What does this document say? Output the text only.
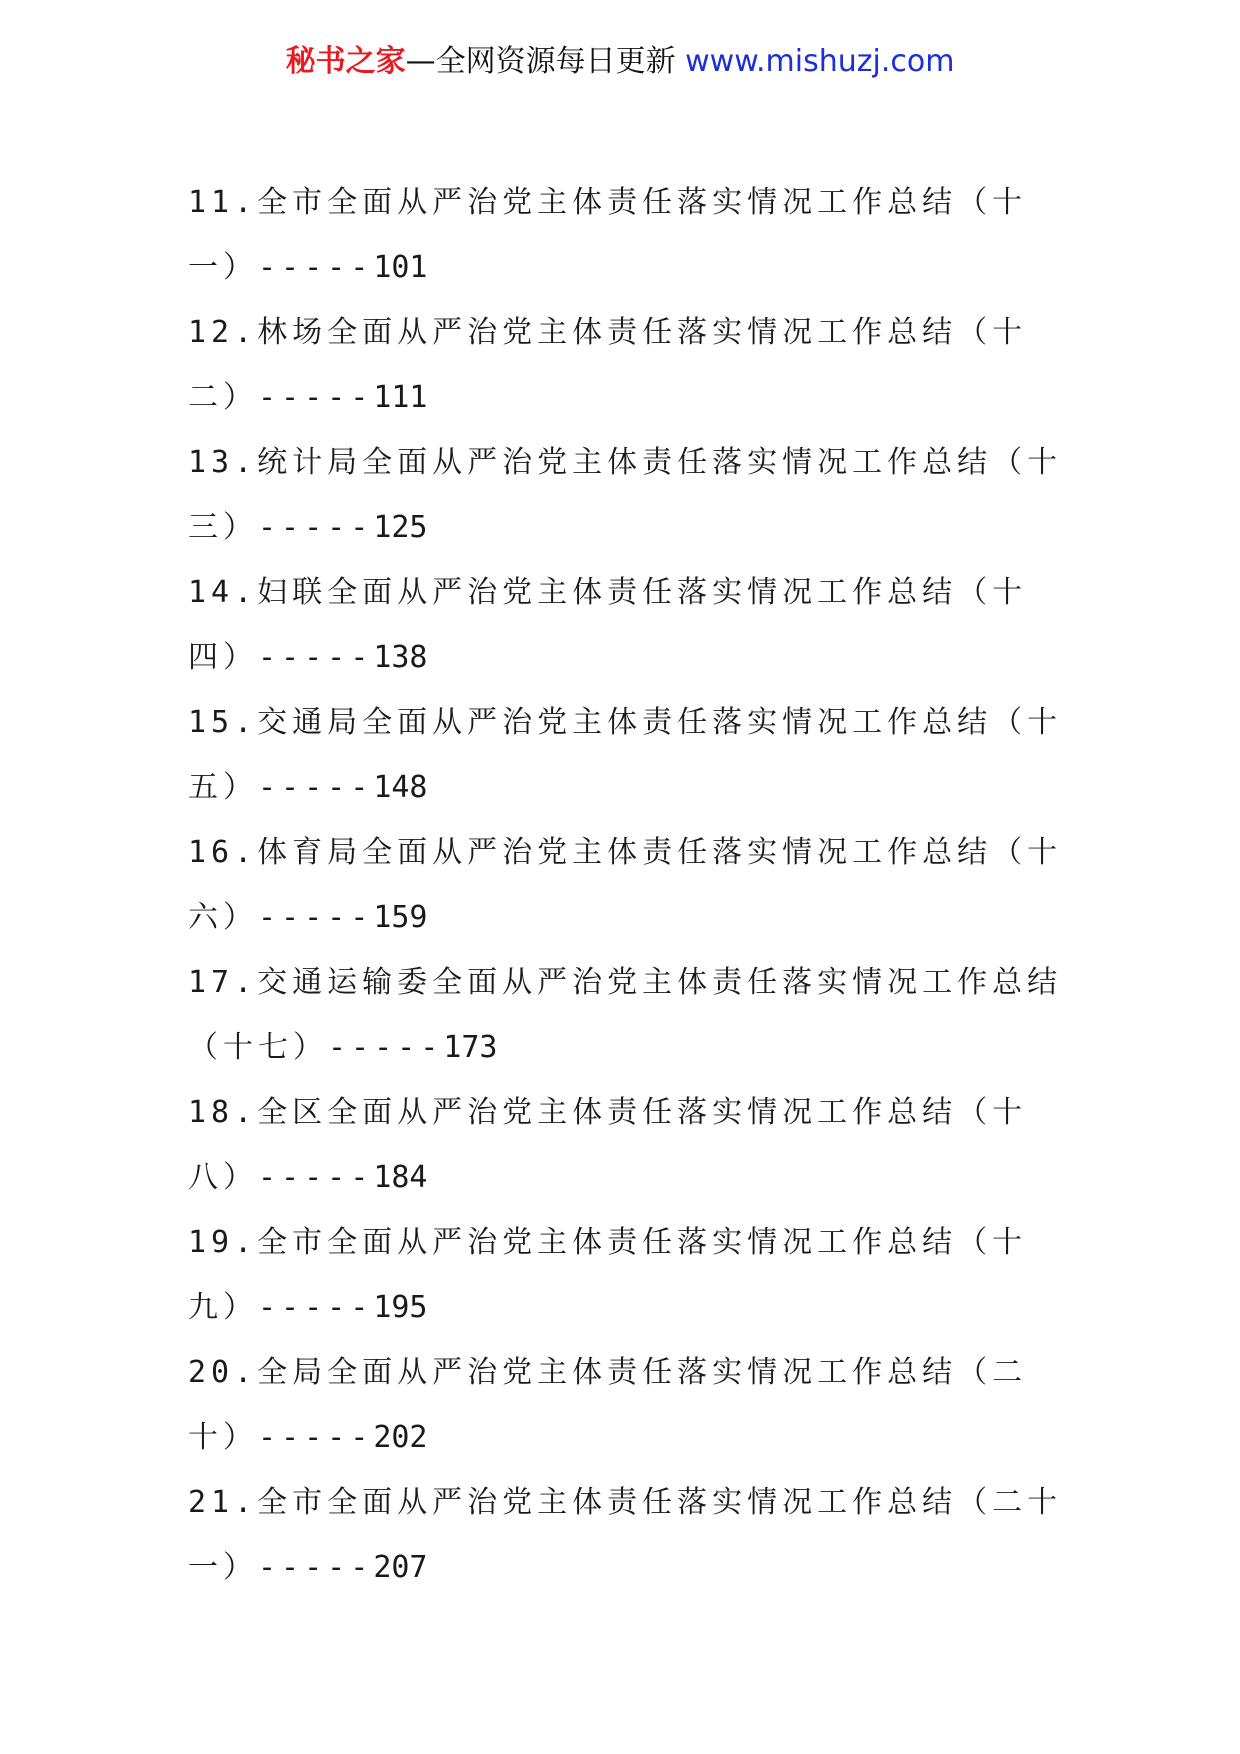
秘书之家—全网资源每日更新 www.mishuzj.com
11.全市全面从严治党主体责任落实情况工作总结（十一）-----101
12.林场全面从严治党主体责任落实情况工作总结（十二）-----111
13.统计局全面从严治党主体责任落实情况工作总结（十三）-----125
14.妇联全面从严治党主体责任落实情况工作总结（十四）-----138
15.交通局全面从严治党主体责任落实情况工作总结（十五）-----148
16.体育局全面从严治党主体责任落实情况工作总结（十六）-----159
17.交通运输委全面从严治党主体责任落实情况工作总结（十七）-----173
18.全区全面从严治党主体责任落实情况工作总结（十八）-----184
19.全市全面从严治党主体责任落实情况工作总结（十九）-----195
20.全局全面从严治党主体责任落实情况工作总结（二十）-----202
21.全市全面从严治党主体责任落实情况工作总结（二十一）-----207
